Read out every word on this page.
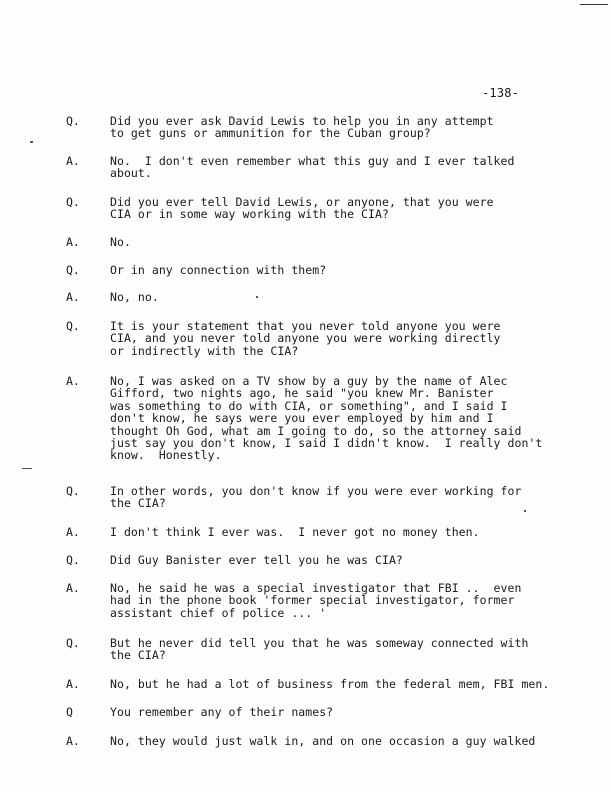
-138-
Q.	Did you ever ask David Lewis to help you in any attempt
to get guns or ammunition for the Cuban group?
A.	No.  I don't even remember what this guy and I ever talked
about.
Q.	Did you ever tell David Lewis, or anyone, that you were
CIA or in some way working with the CIA?
A.	No.
Q.	Or in any connection with them?
A.	No, no.
Q.	It is your statement that you never told anyone you were
CIA, and you never told anyone you were working directly
or indirectly with the CIA?
A.	No, I was asked on a TV show by a guy by the name of Alec
Gifford, two nights ago, he said "you knew Mr. Banister
was something to do with CIA, or something", and I said I
don't know, he says were you ever employed by him and I
thought Oh God, what am I going to do, so the attorney said
just say you don't know, I said I didn't know.  I really don't
know.  Honestly.
Q.	In other words, you don't know if you were ever working for
the CIA?
A.	I don't think I ever was.  I never got no money then.
Q.	Did Guy Banister ever tell you he was CIA?
A.	No, he said he was a special investigator that FBI ..  even
had in the phone book 'former special investigator, former
assistant chief of police ... '
Q.	But he never did tell you that he was someway connected with
the CIA?
A.	No, but he had a lot of business from the federal mem, FBI men.
Q	You remember any of their names?
A.	No, they would just walk in, and on one occasion a guy walked
